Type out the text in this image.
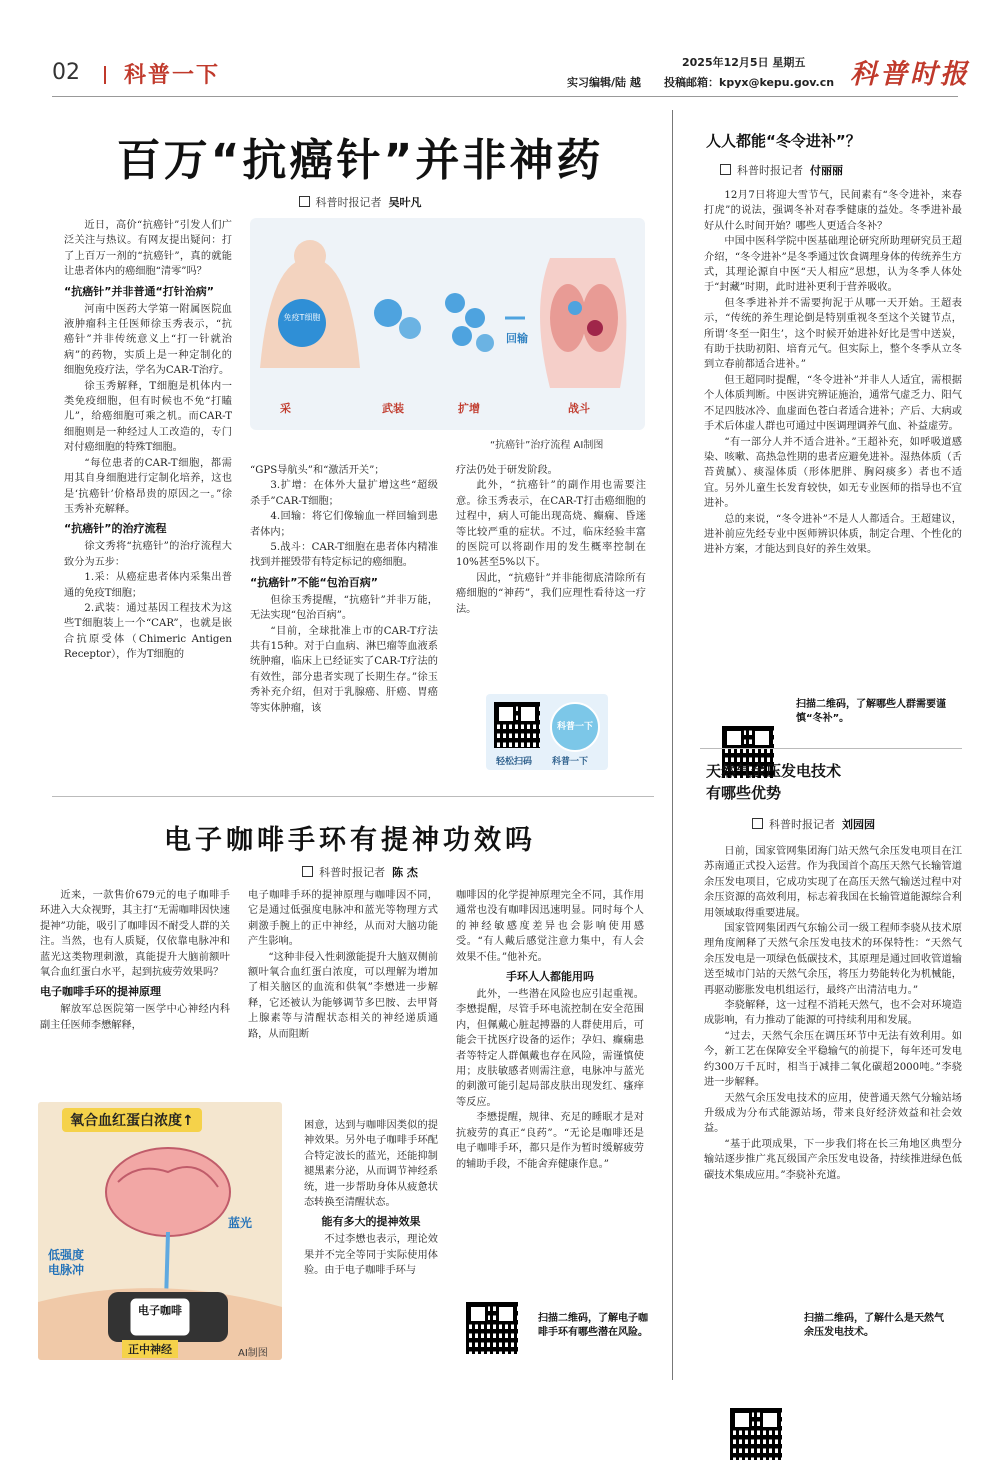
02 科普一下
2025年12月5日 星期五
实习编辑/陆 越 投稿邮箱：kpyx@kepu.gov.cn 科普时报
百万“抗癌针”并非神药
科普时报记者 吴叶凡

近日，高价“抗癌针”引发人们广泛关注与热议。有网友提出疑问：打了上百万一剂的“抗癌针”，真的就能让患者体内的癌细胞“清零”吗？

“抗癌针”并非普通“打针治病”

河南中医药大学第一附属医院血液肿瘤科主任医师徐玉秀表示，“抗癌针”并非传统意义上“打一针就治病”的药物，实质上是一种定制化的细胞免疫疗法，学名为CAR-T治疗。
徐玉秀解释，T细胞是机体内一类免疫细胞，但有时候也不免“打瞌儿”，给癌细胞可乘之机。而CAR-T细胞则是一种经过人工改造的，专门对付癌细胞的特殊T细胞。
“每位患者的CAR-T细胞，都需用其自身细胞进行定制化培养，这也是‘抗癌针’价格昂贵的原因之一。”徐玉秀补充解释。

“抗癌针”的治疗流程

徐文秀将“抗癌针”的治疗流程大致分为五步：
1.采：从癌症患者体内采集出普通的免疫T细胞；
2.武装：通过基因工程技术为这些T细胞装上一个“CAR”，也就是嵌合抗原受体（Chimeric Antigen Receptor），作为T细胞的

免疫T细胞
采	武装	扩增
回输
战斗
“抗癌针”治疗流程 AI制图

“GPS导航头”和“激活开关”；
3.扩增：在体外大量扩增这些“超级杀手”CAR-T细胞；
4.回输：将它们像输血一样回输到患者体内；
5.战斗：CAR-T细胞在患者体内精准找到并摧毁带有特定标记的癌细胞。

“抗癌针”不能“包治百病”

但徐玉秀提醒，“抗癌针”并非万能，无法实现“包治百病”。
“目前，全球批准上市的CAR-T疗法共有15种。对于白血病、淋巴瘤等血液系统肿瘤，临床上已经证实了CAR-T疗法的有效性，部分患者实现了长期生存。”徐玉秀补充介绍，但对于乳腺癌、肝癌、胃癌等实体肿瘤，该

疗法仍处于研发阶段。
此外，“抗癌针”的副作用也需要注意。徐玉秀表示，在CAR-T打击癌细胞的过程中，病人可能出现高烧、癫痫、昏迷等比较严重的症状。不过，临床经验丰富的医院可以将副作用的发生概率控制在10%甚至5%以下。
因此，“抗癌针”并非能彻底清除所有癌细胞的“神药”，我们应理性看待这一疗法。

科普一下
轻松扫码 科普一下
电子咖啡手环有提神功效吗
科普时报记者 陈 杰

近来，一款售价679元的电子咖啡手环进入大众视野，其主打“无需咖啡因快速提神”功能，吸引了咖啡因不耐受人群的关注。当然，也有人质疑，仅依靠电脉冲和蓝光这类物理刺激，真能提升大脑前额叶氧合血红蛋白水平，起到抗疲劳效果吗？

电子咖啡手环的提神原理

解放军总医院第一医学中心神经内科副主任医师李懋解释，

氧合血红蛋白浓度↑
蓝光
低强度电脉冲
电子咖啡
正中神经	AI制图

电子咖啡手环的提神原理与咖啡因不同，它是通过低强度电脉冲和蓝光等物理方式刺激手腕上的正中神经，从而对大脑功能产生影响。
“这种非侵入性刺激能提升大脑双侧前额叶氧合血红蛋白浓度，可以理解为增加了相关脑区的血流和供氧”李懋进一步解释，它还被认为能够调节多巴胺、去甲肾上腺素等与清醒状态相关的神经递质通路，从而阻断

困意，达到与咖啡因类似的提神效果。另外电子咖啡手环配合特定波长的蓝光，还能抑制褪黑素分泌，从而调节神经系统，进一步帮助身体从疲惫状态转换至清醒状态。

能有多大的提神效果

不过李懋也表示，理论效果并不完全等同于实际使用体验。由于电子咖啡手环与

咖啡因的化学提神原理完全不同，其作用通常也没有咖啡因迅速明显。同时每个人的神经敏感度差异也会影响使用感受。“有人戴后感觉注意力集中，有人会效果不佳。”他补充。

手环人人都能用吗

此外，一些潜在风险也应引起重视。李懋提醒，尽管手环电流控制在安全范围内，但佩戴心脏起搏器的人群使用后，可能会干扰医疗设备的运作；孕妇、癫痫患者等特定人群佩戴也存在风险，需谨慎使用；皮肤敏感者则需注意，电脉冲与蓝光的刺激可能引起局部皮肤出现发红、瘙痒等反应。
李懋提醒，规律、充足的睡眠才是对抗疲劳的真正“良药”。“无论是咖啡还是电子咖啡手环，都只是作为暂时缓解疲劳的辅助手段，不能舍弃健康作息。”

扫描二维码，了解电子咖啡手环有哪些潜在风险。
人人都能“冬令进补”？
科普时报记者 付丽丽

12月7日将迎大雪节气，民间素有“冬令进补，来春打虎”的说法，强调冬补对春季健康的益处。冬季进补最好从什么时间开始？哪些人更适合冬补？
中国中医科学院中医基础理论研究所助理研究员王超介绍，“冬令进补”是冬季通过饮食调理身体的传统养生方式，其理论源自中医“天人相应”思想，认为冬季人体处于“封藏”时期，此时进补更利于营养吸收。
但冬季进补并不需要拘泥于从哪一天开始。王超表示，“传统的养生理论倒是特别重视冬至这个关键节点，所谓‘冬至一阳生’，这个时候开始进补好比是雪中送炭，有助于扶助初阳、培育元气。但实际上，整个冬季从立冬到立春前都适合进补。”
但王超同时提醒，“冬令进补”并非人人适宜，需根据个人体质判断。中医讲究辨证施治，通常气虚乏力、阳气不足四肢冰冷、血虚面色苍白者适合进补；产后、大病或手术后体虚人群也可通过中医调理调养气血、补益虚劳。
“有一部分人并不适合进补。”王超补充，如呼吸道感染、咳嗽、高热急性期的患者应避免进补。湿热体质（舌苔黄腻）、痰湿体质（形体肥胖、胸闷痰多）者也不适宜。另外儿童生长发育较快，如无专业医师的指导也不宜进补。
总的来说，“冬令进补”不是人人都适合。王超建议，进补前应先经专业中医师辨识体质，制定合理、个性化的进补方案，才能达到良好的养生效果。

扫描二维码，了解哪些人群需要谨慎“冬补”。
天然气余压发电技术
有哪些优势
科普时报记者 刘园园

日前，国家管网集团海门站天然气余压发电项目在江苏南通正式投入运营。作为我国首个高压天然气长输管道余压发电项目，它成功实现了在高压天然气输送过程中对余压资源的高效利用，标志着我国在长输管道能源综合利用领域取得重要进展。
国家管网集团西气东输公司一级工程师李骁从技术原理角度阐释了天然气余压发电技术的环保特性：“天然气余压发电是一项绿色低碳技术，其原理是通过回收管道输送至城市门站的天然气余压，将压力势能转化为机械能，再驱动膨胀发电机组运行，最终产出清洁电力。”
李骁解释，这一过程不消耗天然气，也不会对环境造成影响，有力推动了能源的可持续利用和发展。
“过去，天然气余压在调压环节中无法有效利用。如今，新工艺在保障安全平稳输气的前提下，每年还可发电约300万千瓦时，相当于减排二氧化碳超2000吨。”李骁进一步解释。
天然气余压发电技术的应用，使普通天然气分输站场升级成为分布式能源站场，带来良好经济效益和社会效益。
“基于此项成果，下一步我们将在长三角地区典型分输站逐步推广兆瓦级国产余压发电设备，持续推进绿色低碳技术集成应用。”李骁补充道。

扫描二维码，了解什么是天然气余压发电技术。
